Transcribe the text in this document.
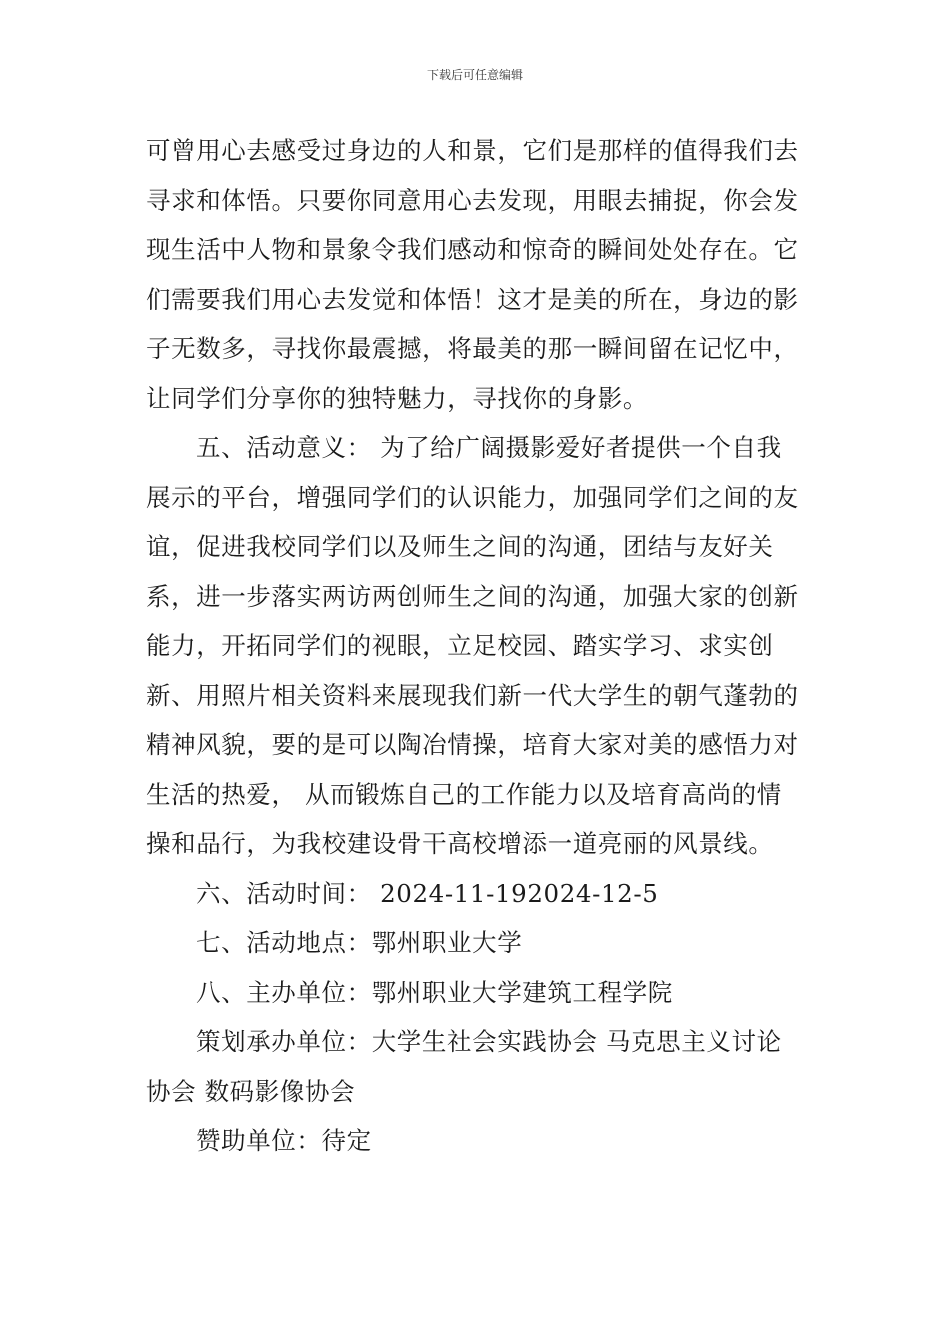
下载后可任意编辑

可曾用心去感受过身边的人和景，它们是那样的值得我们去寻求和体悟。只要你同意用心去发现，用眼去捕捉，你会发现生活中人物和景象令我们感动和惊奇的瞬间处处存在。它们需要我们用心去发觉和体悟！这才是美的所在，身边的影子无数多，寻找你最震撼，将最美的那一瞬间留在记忆中，让同学们分享你的独特魅力，寻找你的身影。

五、活动意义： 为了给广阔摄影爱好者提供一个自我展示的平台，增强同学们的认识能力，加强同学们之间的友谊，促进我校同学们以及师生之间的沟通，团结与友好关系，进一步落实两访两创师生之间的沟通，加强大家的创新能力，开拓同学们的视眼，立足校园、踏实学习、求实创新、用照片相关资料来展现我们新一代大学生的朝气蓬勃的精神风貌，要的是可以陶冶情操，培育大家对美的感悟力对生活的热爱， 从而锻炼自己的工作能力以及培育高尚的情操和品行，为我校建设骨干高校增添一道亮丽的风景线。

六、活动时间： 2024-11-192024-12-5

七、活动地点：鄂州职业大学

八、主办单位：鄂州职业大学建筑工程学院

策划承办单位：大学生社会实践协会 马克思主义讨论协会 数码影像协会

赞助单位：待定
